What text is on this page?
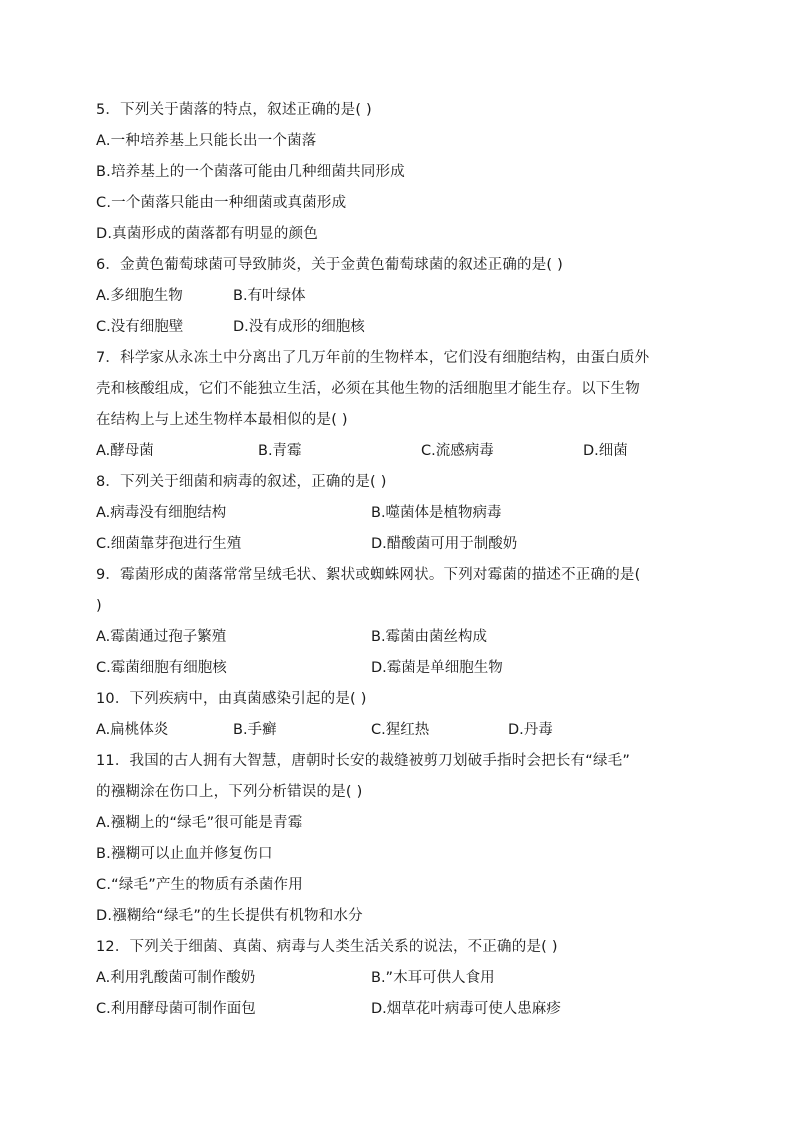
5．下列关于菌落的特点，叙述正确的是( )
A.一种培养基上只能长出一个菌落
B.培养基上的一个菌落可能由几种细菌共同形成
C.一个菌落只能由一种细菌或真菌形成
D.真菌形成的菌落都有明显的颜色
6．金黄色葡萄球菌可导致肺炎，关于金黄色葡萄球菌的叙述正确的是( )
A.多细胞生物	B.有叶绿体
C.没有细胞壁	D.没有成形的细胞核
7．科学家从永冻土中分离出了几万年前的生物样本，它们没有细胞结构，由蛋白质外
壳和核酸组成，它们不能独立生活，必须在其他生物的活细胞里才能生存。以下生物
在结构上与上述生物样本最相似的是( )
A.酵母菌	B.青霉	C.流感病毒	D.细菌
8．下列关于细菌和病毒的叙述，正确的是( )
A.病毒没有细胞结构	B.噬菌体是植物病毒
C.细菌靠芽孢进行生殖	D.醋酸菌可用于制酸奶
9．霉菌形成的菌落常常呈绒毛状、絮状或蜘蛛网状。下列对霉菌的描述不正确的是(
)
A.霉菌通过孢子繁殖	B.霉菌由菌丝构成
C.霉菌细胞有细胞核	D.霉菌是单细胞生物
10．下列疾病中，由真菌感染引起的是( )
A.扁桃体炎	B.手癣	C.猩红热	D.丹毒
11．我国的古人拥有大智慧，唐朝时长安的裁缝被剪刀划破手指时会把长有“绿毛”
的襁糊涂在伤口上，下列分析错误的是( )
A.襁糊上的“绿毛”很可能是青霉
B.襁糊可以止血并修复伤口
C.“绿毛”产生的物质有杀菌作用
D.襁糊给“绿毛”的生长提供有机物和水分
12．下列关于细菌、真菌、病毒与人类生活关系的说法，不正确的是( )
A.利用乳酸菌可制作酸奶	B.”木耳可供人食用
C.利用酵母菌可制作面包	D.烟草花叶病毒可使人患麻疹
